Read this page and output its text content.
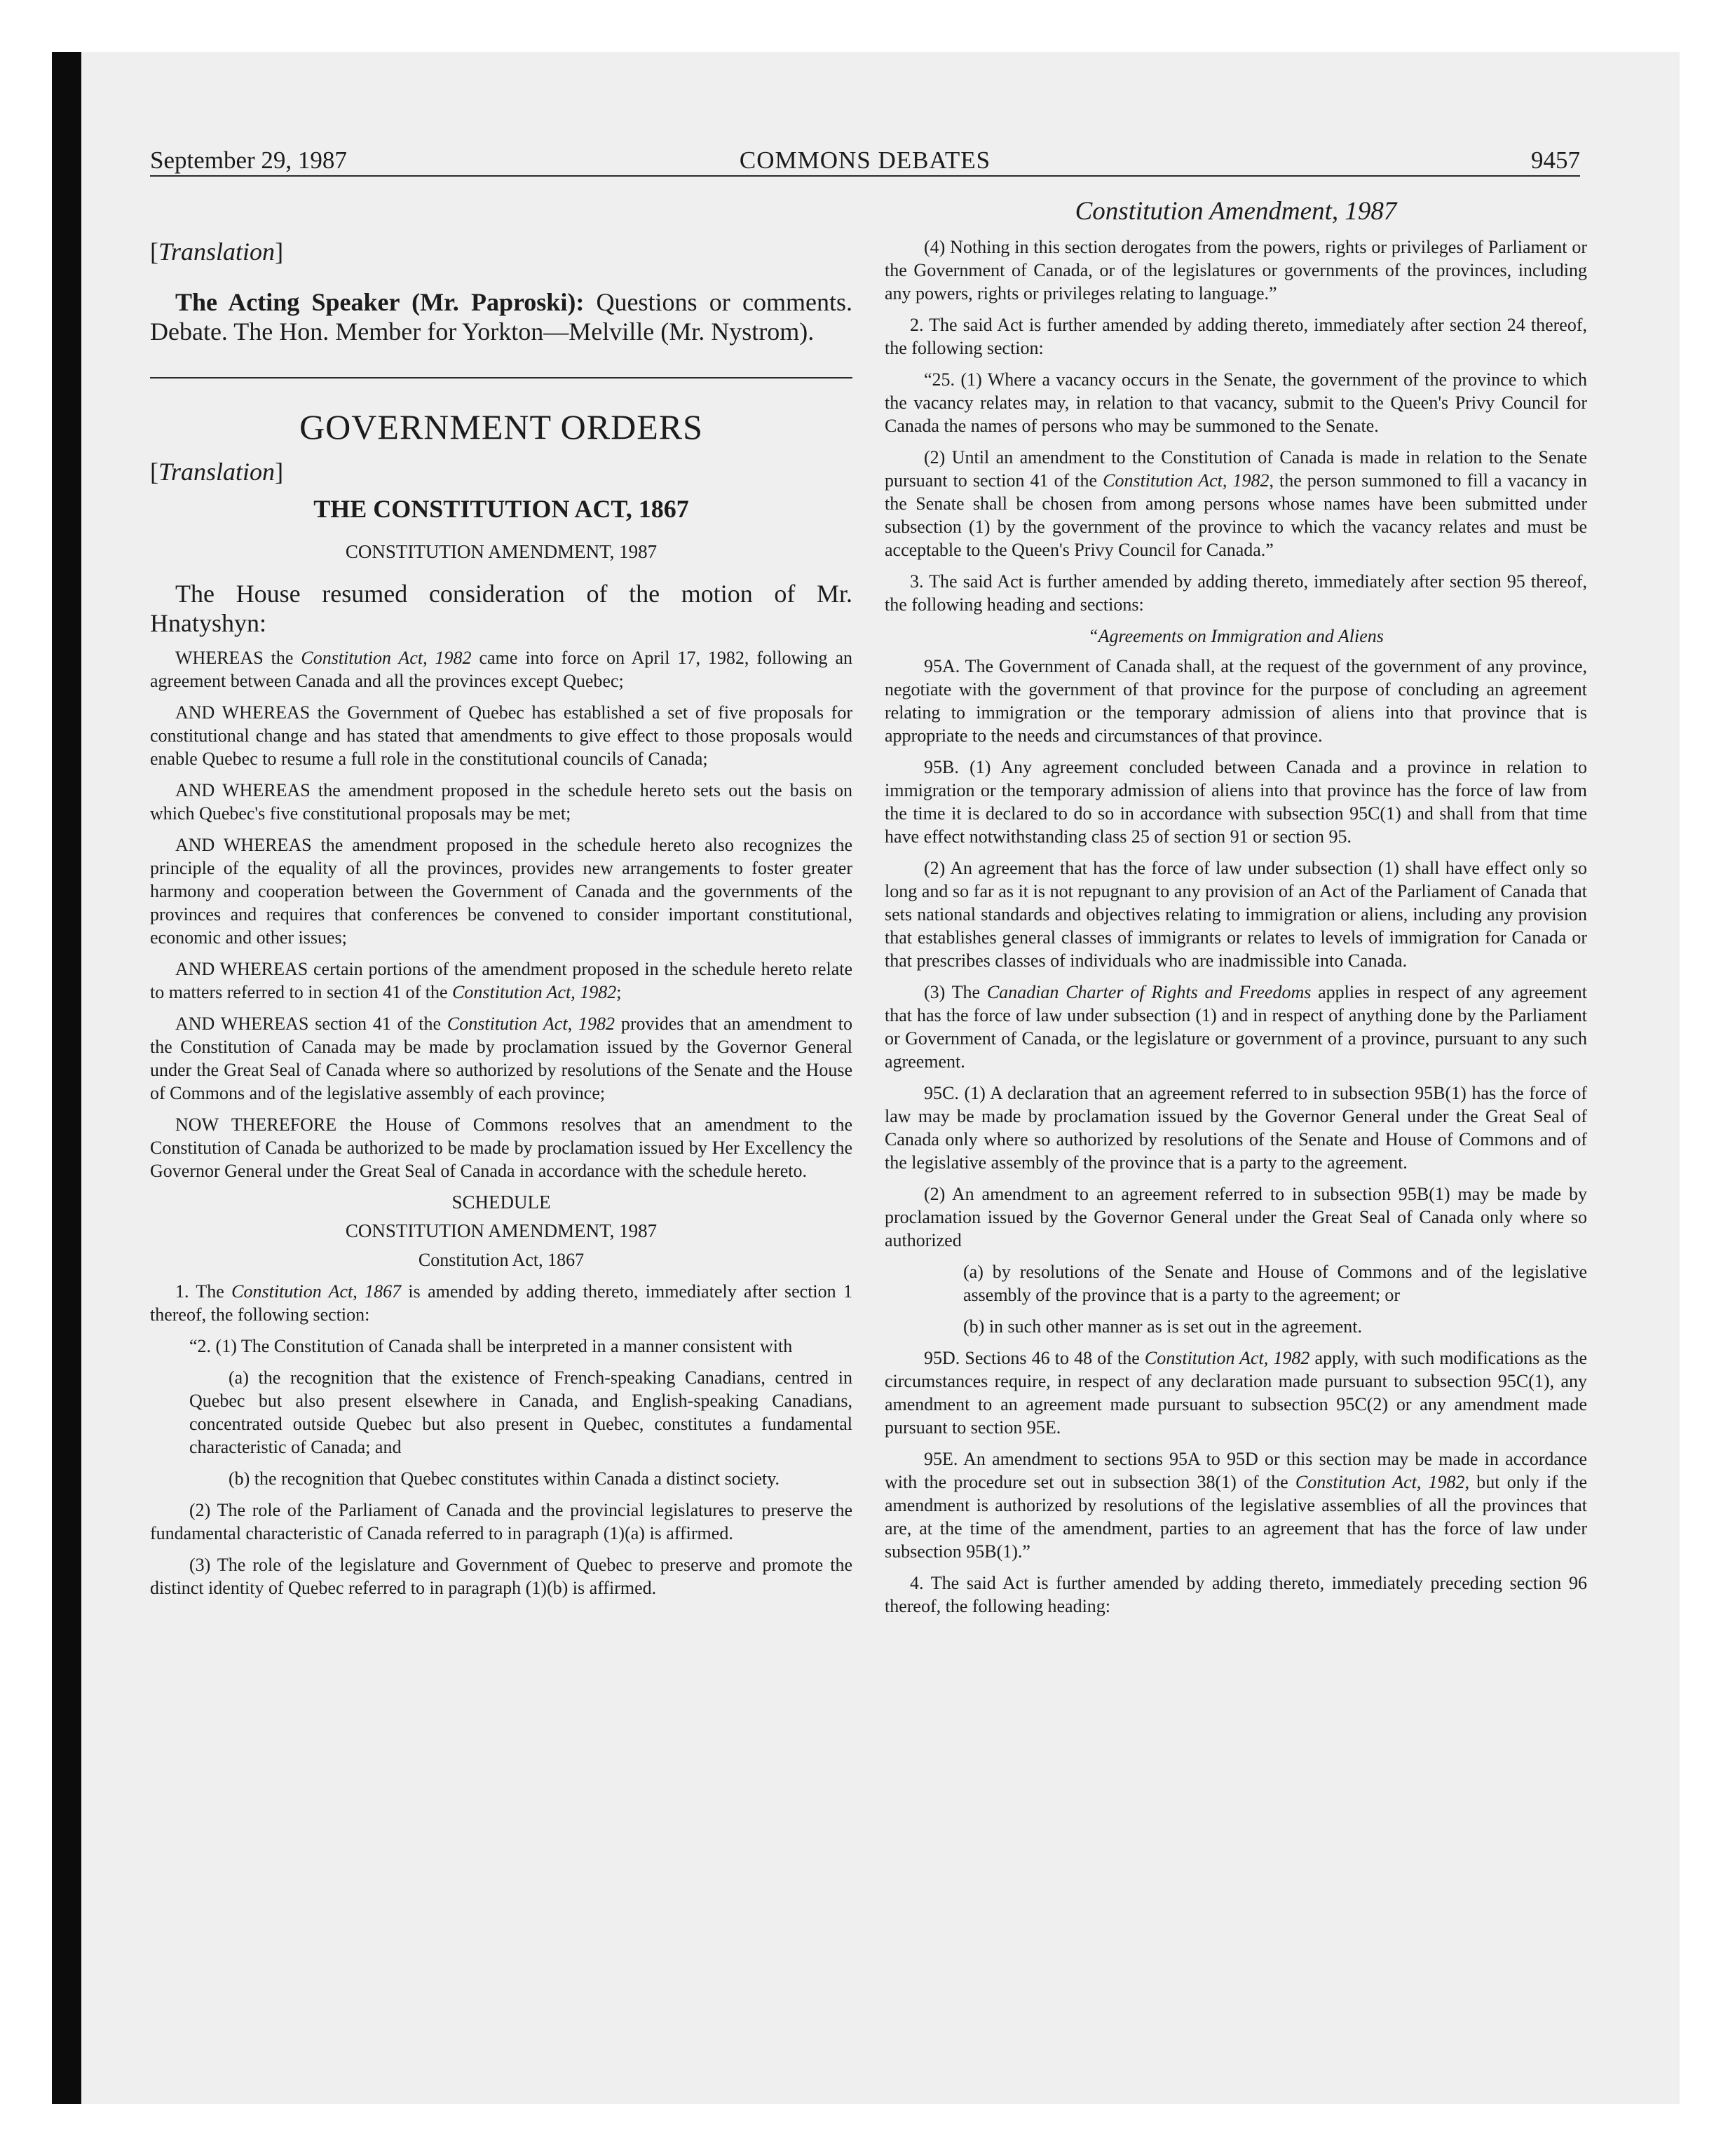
September 29, 1987	COMMONS DEBATES	9457
[Translation]

The Acting Speaker (Mr. Paproski): Questions or comments. Debate. The Hon. Member for Yorkton—Melville (Mr. Nystrom).

GOVERNMENT ORDERS
[Translation]
THE CONSTITUTION ACT, 1867
CONSTITUTION AMENDMENT, 1987

The House resumed consideration of the motion of Mr. Hnatyshyn:

WHEREAS the Constitution Act, 1982 came into force on April 17, 1982, following an agreement between Canada and all the provinces except Quebec;

AND WHEREAS the Government of Quebec has established a set of five proposals for constitutional change and has stated that amendments to give effect to those proposals would enable Quebec to resume a full role in the constitutional councils of Canada;

AND WHEREAS the amendment proposed in the schedule hereto sets out the basis on which Quebec's five constitutional proposals may be met;

AND WHEREAS the amendment proposed in the schedule hereto also recognizes the principle of the equality of all the provinces, provides new arrangements to foster greater harmony and cooperation between the Government of Canada and the governments of the provinces and requires that conferences be convened to consider important constitutional, economic and other issues;

AND WHEREAS certain portions of the amendment proposed in the schedule hereto relate to matters referred to in section 41 of the Constitution Act, 1982;

AND WHEREAS section 41 of the Constitution Act, 1982 provides that an amendment to the Constitution of Canada may be made by proclamation issued by the Governor General under the Great Seal of Canada where so authorized by resolutions of the Senate and the House of Commons and of the legislative assembly of each province;

NOW THEREFORE the House of Commons resolves that an amendment to the Constitution of Canada be authorized to be made by proclamation issued by Her Excellency the Governor General under the Great Seal of Canada in accordance with the schedule hereto.

SCHEDULE

CONSTITUTION AMENDMENT, 1987

Constitution Act, 1867

1. The Constitution Act, 1867 is amended by adding thereto, immediately after section 1 thereof, the following section:

“2. (1) The Constitution of Canada shall be interpreted in a manner consistent with

(a) the recognition that the existence of French-speaking Canadians, centred in Quebec but also present elsewhere in Canada, and English-speaking Canadians, concentrated outside Quebec but also present in Quebec, constitutes a fundamental characteristic of Canada; and

(b) the recognition that Quebec constitutes within Canada a distinct society.

(2) The role of the Parliament of Canada and the provincial legislatures to preserve the fundamental characteristic of Canada referred to in paragraph (1)(a) is affirmed.

(3) The role of the legislature and Government of Quebec to preserve and promote the distinct identity of Quebec referred to in paragraph (1)(b) is affirmed.

Constitution Amendment, 1987

(4) Nothing in this section derogates from the powers, rights or privileges of Parliament or the Government of Canada, or of the legislatures or governments of the provinces, including any powers, rights or privileges relating to language.”

2. The said Act is further amended by adding thereto, immediately after section 24 thereof, the following section:

“25. (1) Where a vacancy occurs in the Senate, the government of the province to which the vacancy relates may, in relation to that vacancy, submit to the Queen's Privy Council for Canada the names of persons who may be summoned to the Senate.

(2) Until an amendment to the Constitution of Canada is made in relation to the Senate pursuant to section 41 of the Constitution Act, 1982, the person summoned to fill a vacancy in the Senate shall be chosen from among persons whose names have been submitted under subsection (1) by the government of the province to which the vacancy relates and must be acceptable to the Queen's Privy Council for Canada.”

3. The said Act is further amended by adding thereto, immediately after section 95 thereof, the following heading and sections:

“Agreements on Immigration and Aliens

95A. The Government of Canada shall, at the request of the government of any province, negotiate with the government of that province for the purpose of concluding an agreement relating to immigration or the temporary admission of aliens into that province that is appropriate to the needs and circumstances of that province.

95B. (1) Any agreement concluded between Canada and a province in relation to immigration or the temporary admission of aliens into that province has the force of law from the time it is declared to do so in accordance with subsection 95C(1) and shall from that time have effect notwithstanding class 25 of section 91 or section 95.

(2) An agreement that has the force of law under subsection (1) shall have effect only so long and so far as it is not repugnant to any provision of an Act of the Parliament of Canada that sets national standards and objectives relating to immigration or aliens, including any provision that establishes general classes of immigrants or relates to levels of immigration for Canada or that prescribes classes of individuals who are inadmissible into Canada.

(3) The Canadian Charter of Rights and Freedoms applies in respect of any agreement that has the force of law under subsection (1) and in respect of anything done by the Parliament or Government of Canada, or the legislature or government of a province, pursuant to any such agreement.

95C. (1) A declaration that an agreement referred to in subsection 95B(1) has the force of law may be made by proclamation issued by the Governor General under the Great Seal of Canada only where so authorized by resolutions of the Senate and House of Commons and of the legislative assembly of the province that is a party to the agreement.

(2) An amendment to an agreement referred to in subsection 95B(1) may be made by proclamation issued by the Governor General under the Great Seal of Canada only where so authorized

(a) by resolutions of the Senate and House of Commons and of the legislative assembly of the province that is a party to the agreement; or

(b) in such other manner as is set out in the agreement.

95D. Sections 46 to 48 of the Constitution Act, 1982 apply, with such modifications as the circumstances require, in respect of any declaration made pursuant to subsection 95C(1), any amendment to an agreement made pursuant to subsection 95C(2) or any amendment made pursuant to section 95E.

95E. An amendment to sections 95A to 95D or this section may be made in accordance with the procedure set out in subsection 38(1) of the Constitution Act, 1982, but only if the amendment is authorized by resolutions of the legislative assemblies of all the provinces that are, at the time of the amendment, parties to an agreement that has the force of law under subsection 95B(1).”

4. The said Act is further amended by adding thereto, immediately preceding section 96 thereof, the following heading:
